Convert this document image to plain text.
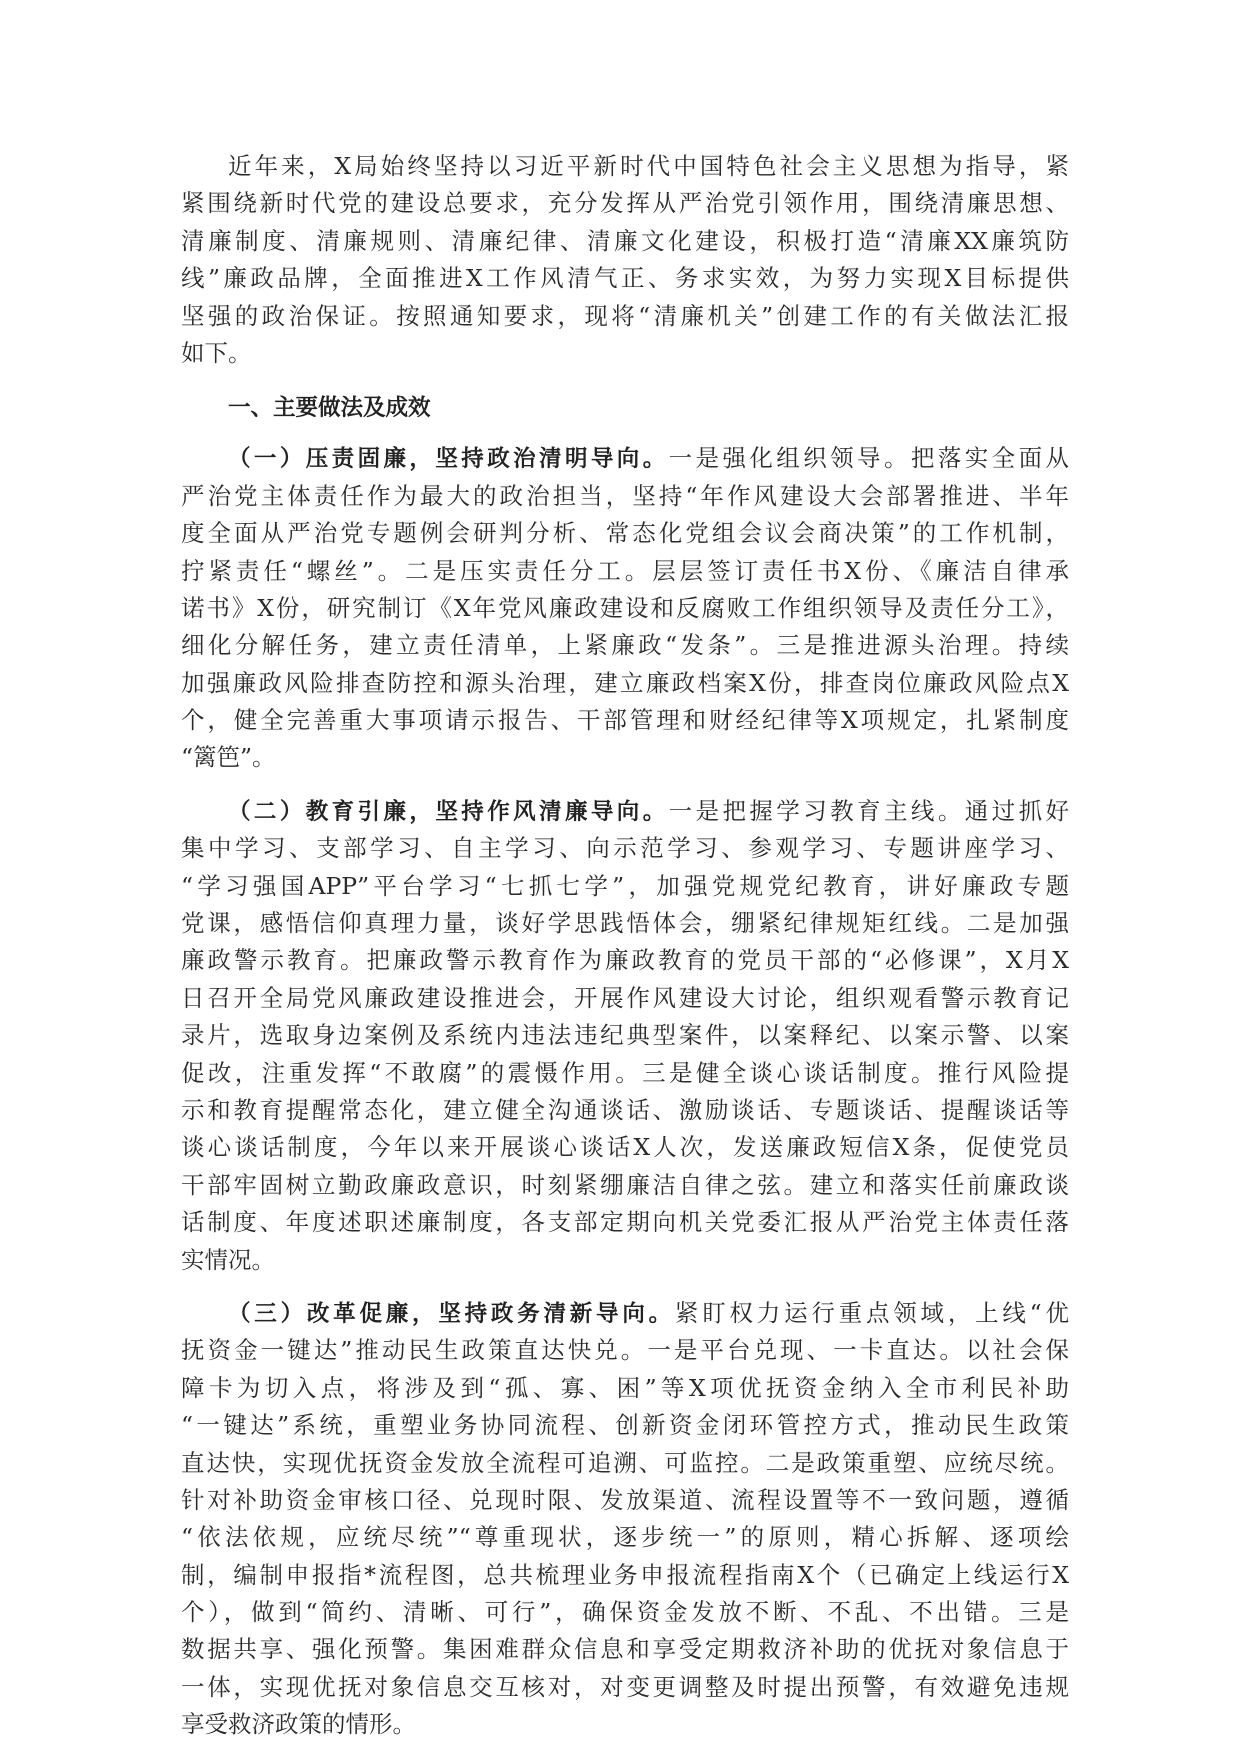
近年来，X局始终坚持以习近平新时代中国特色社会主义思想为指导，紧
紧围绕新时代党的建设总要求，充分发挥从严治党引领作用，围绕清廉思想、
清廉制度、清廉规则、清廉纪律、清廉文化建设，积极打造“清廉XX廉筑防
线”廉政品牌，全面推进X工作风清气正、务求实效，为努力实现X目标提供
坚强的政治保证。按照通知要求，现将“清廉机关”创建工作的有关做法汇报
如下。
一、主要做法及成效
（一）压责固廉，坚持政治清明导向。一是强化组织领导。把落实全面从
严治党主体责任作为最大的政治担当，坚持“年作风建设大会部署推进、半年
度全面从严治党专题例会研判分析、常态化党组会议会商决策”的工作机制，
拧紧责任“螺丝”。二是压实责任分工。层层签订责任书X份、《廉洁自律承
诺书》X份，研究制订《X年党风廉政建设和反腐败工作组织领导及责任分工》，
细化分解任务，建立责任清单，上紧廉政“发条”。三是推进源头治理。持续
加强廉政风险排查防控和源头治理，建立廉政档案X份，排查岗位廉政风险点X
个，健全完善重大事项请示报告、干部管理和财经纪律等X项规定，扎紧制度
“篱笆”。
（二）教育引廉，坚持作风清廉导向。一是把握学习教育主线。通过抓好
集中学习、支部学习、自主学习、向示范学习、参观学习、专题讲座学习、
“学习强国APP”平台学习“七抓七学”，加强党规党纪教育，讲好廉政专题
党课，感悟信仰真理力量，谈好学思践悟体会，绷紧纪律规矩红线。二是加强
廉政警示教育。把廉政警示教育作为廉政教育的党员干部的“必修课”，X月X
日召开全局党风廉政建设推进会，开展作风建设大讨论，组织观看警示教育记
录片，选取身边案例及系统内违法违纪典型案件，以案释纪、以案示警、以案
促改，注重发挥“不敢腐”的震慑作用。三是健全谈心谈话制度。推行风险提
示和教育提醒常态化，建立健全沟通谈话、激励谈话、专题谈话、提醒谈话等
谈心谈话制度，今年以来开展谈心谈话X人次，发送廉政短信X条，促使党员
干部牢固树立勤政廉政意识，时刻紧绷廉洁自律之弦。建立和落实任前廉政谈
话制度、年度述职述廉制度，各支部定期向机关党委汇报从严治党主体责任落
实情况。
（三）改革促廉，坚持政务清新导向。紧盯权力运行重点领域，上线“优
抚资金一键达”推动民生政策直达快兑。一是平台兑现、一卡直达。以社会保
障卡为切入点，将涉及到“孤、寡、困”等X项优抚资金纳入全市利民补助
“一键达”系统，重塑业务协同流程、创新资金闭环管控方式，推动民生政策
直达快，实现优抚资金发放全流程可追溯、可监控。二是政策重塑、应统尽统。
针对补助资金审核口径、兑现时限、发放渠道、流程设置等不一致问题，遵循
“依法依规，应统尽统”“尊重现状，逐步统一”的原则，精心拆解、逐项绘
制，编制申报指*流程图，总共梳理业务申报流程指南X个（已确定上线运行X
个），做到“简约、清晰、可行”，确保资金发放不断、不乱、不出错。三是
数据共享、强化预警。集困难群众信息和享受定期救济补助的优抚对象信息于
一体，实现优抚对象信息交互核对，对变更调整及时提出预警，有效避免违规
享受救济政策的情形。
